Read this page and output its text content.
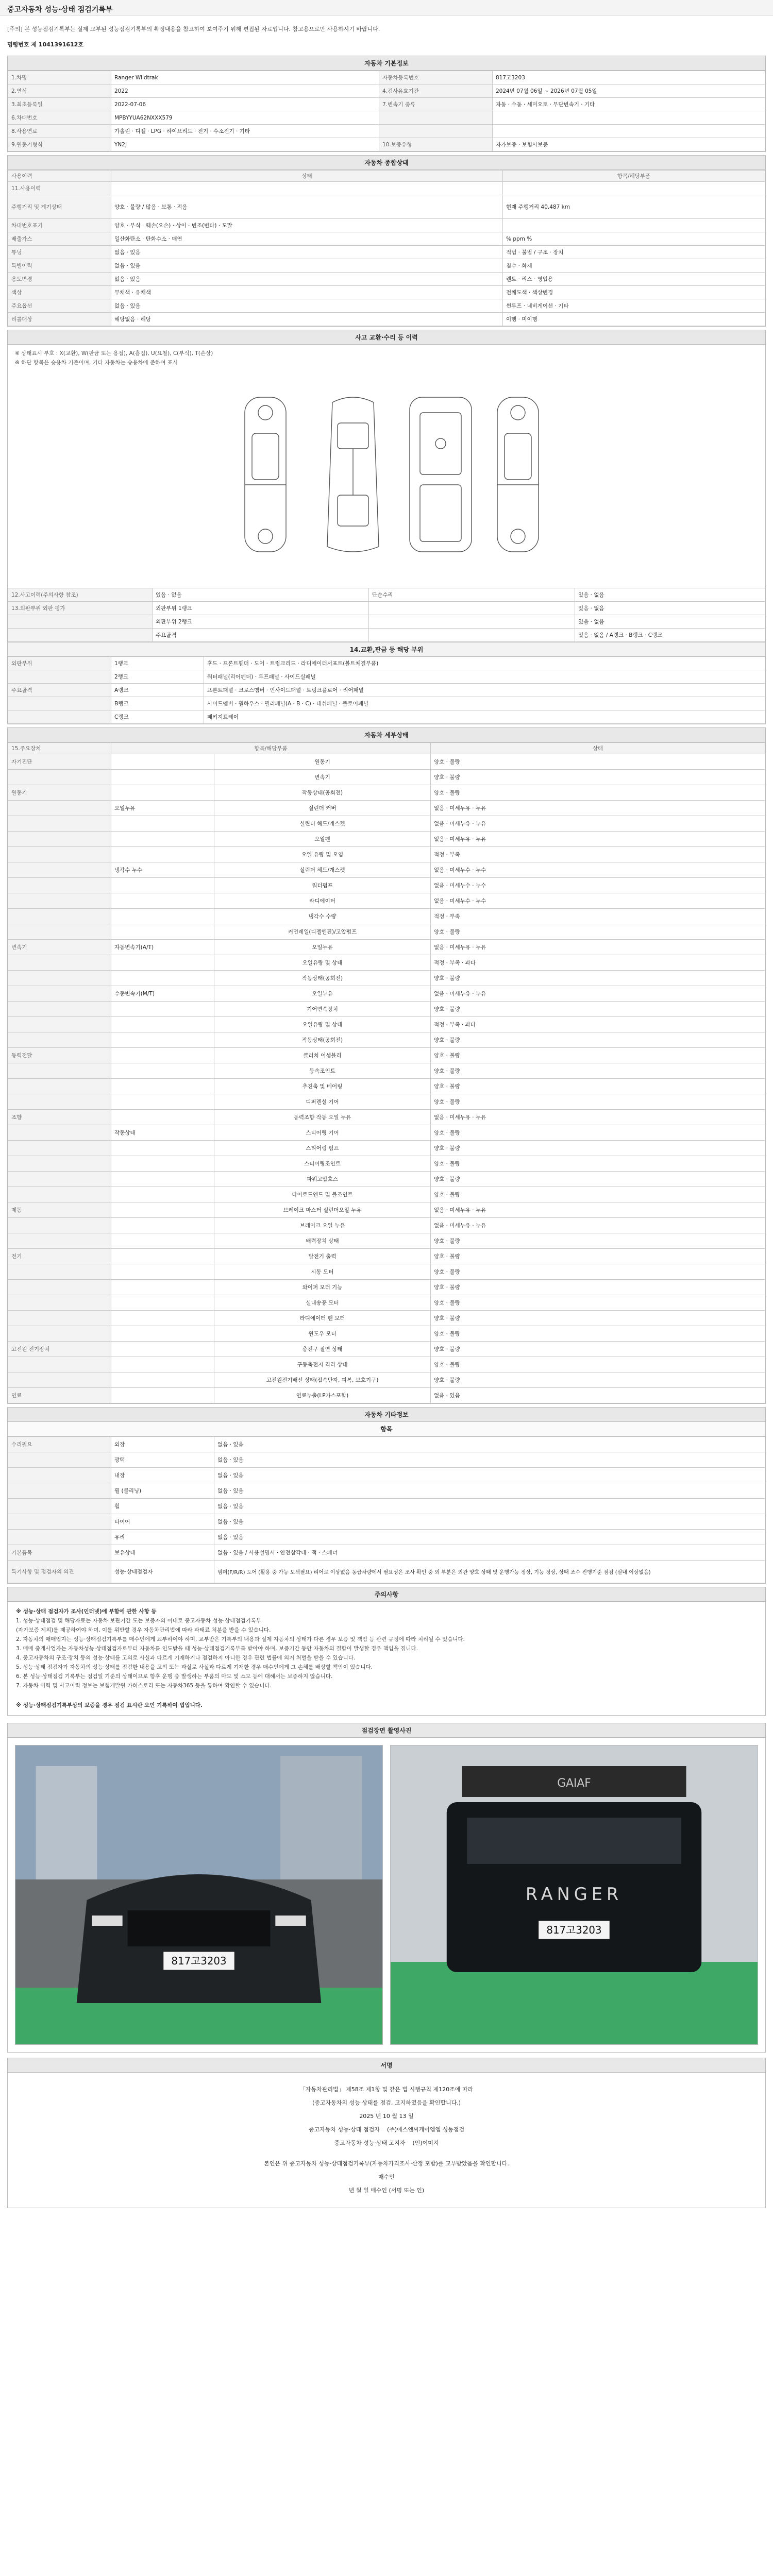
중고자동차 성능·상태 점검기록부
[주의] 본 성능점검기록부는 실제 교부된 성능점검기록부의 확정내용을 참고하여 보여주기 위해 편집된 자료입니다. 참고용으로만 사용하시기 바랍니다.
명령번호 제 1041391612호
자동차 기본정보
1.차명	Ranger Wildtrak	자동차등록번호	817고3203
2.연식	2022	4.검사유효기간	2024년 07월 06일 ~ 2026년 07월 05일
3.최초등록일	2022-07-06	7.변속기 종류	자동 · 수동 · 세미오토 · 무단변속기 · 기타
6.차대번호	MPBYYUA62NXXX579		
8.사용연료	가솔린 · 디젤 · LPG · 하이브리드 · 전기 · 수소전기 · 기타		
9.원동기형식	YN2J	10.보증유형	자가보증 · 보험사보증
자동차 종합상태
사용이력	상태	항목/해당부품
11.사용이력		
주행거리 및 계기상태	양호 · 불량 / 많음 · 보통 · 적음	현재 주행거리 40,487 km
차대번호표기	양호 · 부식 · 훼손(오손) · 상이 · 변조(변타) · 도말	
배출가스	일산화탄소 · 탄화수소 · 매연	% ppm %
튜닝	없음 · 있음	적법 · 불법 / 구조 · 장치
특별이력	없음 · 있음	침수 · 화재
용도변경	없음 · 있음	렌트 · 리스 · 영업용
색상	무채색 · 유채색	전체도색 · 색상변경
주요옵션	없음 · 있음	썬루프 · 네비게이션 · 기타
리콜대상	해당없음 · 해당	이행 · 미이행
사고 교환·수리 등 이력
※ 상태표시 부호 : X(교환), W(판금 또는 용접), A(흠집), U(요철), C(부식), T(손상)
※ 하단 항목은 승용차 기준이며, 기타 자동차는 승용차에 준하여 표시
12.사고이력(주의사항 참조)	있음 · 없음	단순수리	있음 · 없음
13.외판부위 외판 평가	외판부위 1랭크		있음 · 없음
	외판부위 2랭크		있음 · 없음
	주요골격		있음 · 없음 / A랭크 · B랭크 · C랭크
14.교환,판금 등 해당 부위
외판부위	1랭크	후드 · 프론트휀더 · 도어 · 트렁크리드 · 라디에이터서포트(볼트체결부품)
	2랭크	쿼터패널(리어펜더) · 루프패널 · 사이드실패널
주요골격	A랭크	프론트패널 · 크로스멤버 · 인사이드패널 · 트렁크플로어 · 리어패널
	B랭크	사이드멤버 · 휠하우스 · 필러패널(A · B · C) · 대쉬패널 · 플로어패널
	C랭크	패키지트레이
자동차 세부상태
15.주요장치	항목/해당부품		상태
자기진단		원동기	양호 · 불량
		변속기	양호 · 불량
원동기		작동상태(공회전)	양호 · 불량
	오일누유	실린더 커버	없음 · 미세누유 · 누유
		실린더 헤드/개스켓	없음 · 미세누유 · 누유
		오일팬	없음 · 미세누유 · 누유
		오일 유량 및 오염	적정 · 부족
	냉각수 누수	실린더 헤드/개스켓	없음 · 미세누수 · 누수
		워터펌프	없음 · 미세누수 · 누수
		라디에이터	없음 · 미세누수 · 누수
		냉각수 수량	적정 · 부족
		커먼레일(디젤엔진)/고압펌프	양호 · 불량
변속기	자동변속기(A/T)	오일누유	없음 · 미세누유 · 누유
		오일유량 및 상태	적정 · 부족 · 과다
		작동상태(공회전)	양호 · 불량
	수동변속기(M/T)	오일누유	없음 · 미세누유 · 누유
		기어변속장치	양호 · 불량
		오일유량 및 상태	적정 · 부족 · 과다
		작동상태(공회전)	양호 · 불량
동력전달		클러치 어셈블리	양호 · 불량
		등속조인트	양호 · 불량
		추진축 및 베어링	양호 · 불량
		디퍼렌셜 기어	양호 · 불량
조향		동력조향 작동 오일 누유	없음 · 미세누유 · 누유
	작동상태	스티어링 기어	양호 · 불량
		스티어링 펌프	양호 · 불량
		스티어링조인트	양호 · 불량
		파워고압호스	양호 · 불량
		타이로드엔드 및 볼조인트	양호 · 불량
제동		브레이크 마스터 실린더오일 누유	없음 · 미세누유 · 누유
		브레이크 오일 누유	없음 · 미세누유 · 누유
		배력장치 상태	양호 · 불량
전기		발전기 출력	양호 · 불량
		시동 모터	양호 · 불량
		와이퍼 모터 기능	양호 · 불량
		실내송풍 모터	양호 · 불량
		라디에이터 팬 모터	양호 · 불량
		윈도우 모터	양호 · 불량
고전원 전기장치		충전구 절연 상태	양호 · 불량
		구동축전지 격리 상태	양호 · 불량
		고전원전기배선 상태(접속단자, 피복, 보호기구)	양호 · 불량
연료		연료누출(LP가스포함)	없음 · 있음
자동차 기타정보
항목
수리필요	외장	없음 · 있음
	광택	없음 · 있음
	내장	없음 · 있음
	휠 (클리닝)	없음 · 있음
	휠	없음 · 있음
	타이어	없음 · 있음
	유리	없음 · 있음
기본품목	보유상태	없음 · 있음 / 사용설명서 · 안전삼각대 · 잭 · 스패너
특기사항 및 점검자의 의견	성능·상태점검자	범퍼(F/R/R) 도어 (활용 중 가능 도색필요) 리어로 이상없음 동급차량에서 필요성은 조사 확인 중 외 부분은 외관 양호 상태 및 운행가능 정상, 기능 정상, 상태 조수 진행기준 점검 (실내 이상없음)
주의사항
※ 성능·상태 점검자가 조사(인터넷)에 부합에 관한 사항 등
1. 성능·상태점검 및 해당자료는 자동차 보관기간 도는 보증자의 이내로 중고자동차 성능·상태점검기록부
(자가보증 제외)를 제공하여야 하며, 이를 위반할 경우 자동차관리법에 따라 과태료 처분을 받을 수 있습니다.
2. 자동차의 매매업자는 성능·상태점검기록부를 매수인에게 교부하여야 하며, 교부받은 기록부의 내용과 실제 자동차의 상태가 다른 경우 보증 및 책임 등 관련 규정에 따라 처리될 수 있습니다.
3. 매매 중개사업자는 자동차성능·상태점검자로부터 자동차를 인도받을 때 성능·상태점검기록부를 받아야 하며, 보증기간 동안 자동차의 결함이 발생할 경우 책임을 집니다.
4. 중고자동차의 구조·장치 등의 성능·상태를 고의로 사실과 다르게 기재하거나 점검하지 아니한 경우 관련 법률에 의거 처벌을 받을 수 있습니다.
5. 성능·상태 점검자가 자동차의 성능·상태를 점검한 내용을 고의 또는 과실로 사실과 다르게 기재한 경우 매수인에게 그 손해를 배상할 책임이 있습니다.
6. 본 성능·상태점검 기록부는 점검일 기준의 상태이므로 향후 운행 중 발생하는 부품의 마모 및 소모 등에 대해서는 보증하지 않습니다.
7. 자동차 이력 및 사고이력 정보는 보험개발원 카히스토리 또는 자동차365 등을 통하여 확인할 수 있습니다.
※ 성능·상태점검기록부상의 보증을 경우 점검 표시란 오인 기록하여 법입니다.
점검장면 촬영사진
817고3203
GAIAF
RANGER
817고3203
서명
「자동차관리법」 제58조 제1항 및 같은 법 시행규칙 제120조에 따라
(중고자동차의 성능·상태를 점검, 고지하였음을 확인합니다.)
2025 년 10 월 13 일
중고자동차 성능·상태 점검자 (주)에스엔씨케이엠엠 성동점검
중고자동차 성능·상태 고지자 (인)이미지
본인은 위 중고자동차 성능·상태점검기록부(자동차가격조사·산정 포함)를 교부받았음을 확인합니다.
매수인
년 월 일 매수인 (서명 또는 인)
